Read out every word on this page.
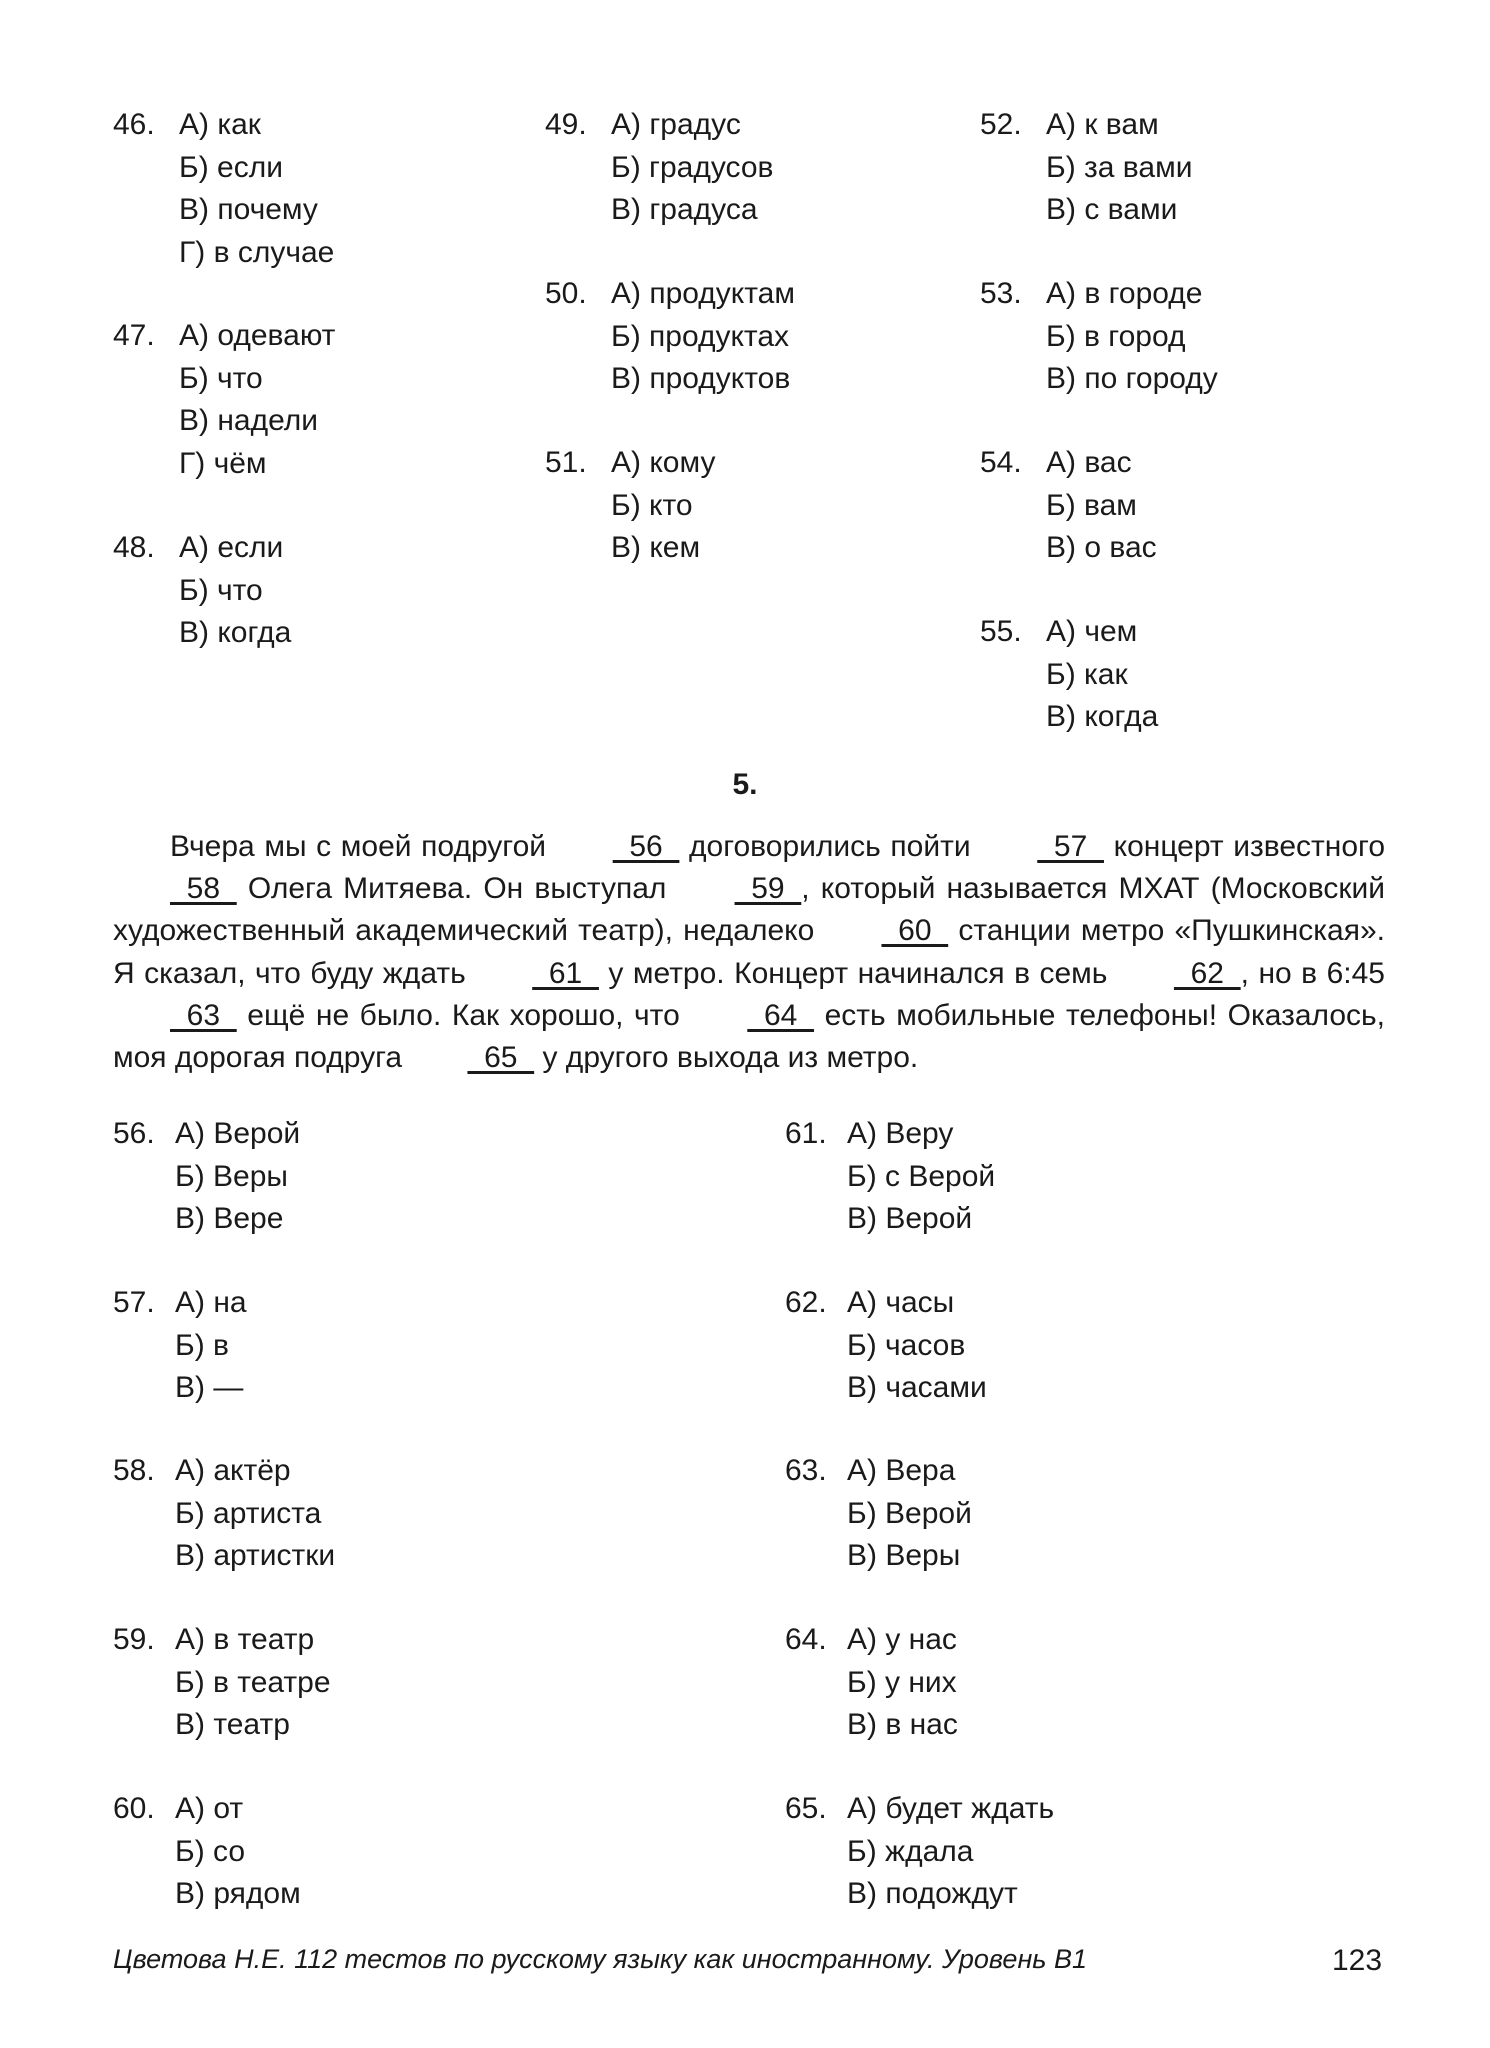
46. А) как
Б) если
В) почему
Г) в случае
47. А) одевают
Б) что
В) надели
Г) чём
48. А) если
Б) что
В) когда
49. А) градус
Б) градусов
В) градуса
50. А) продуктам
Б) продуктах
В) продуктов
51. А) кому
Б) кто
В) кем
52. А) к вам
Б) за вами
В) с вами
53. А) в городе
Б) в город
В) по городу
54. А) вас
Б) вам
В) о вас
55. А) чем
Б) как
В) когда
5.
Вчера мы с моей подругой   56   договорились пойти   57   концерт известного   58   Олега Митяева. Он выступал   59  , который называется МХАТ (Московский художественный академический театр), недалеко   60   станции метро «Пушкинская». Я сказал, что буду ждать   61   у метро. Концерт начинался в семь   62  , но в 6:45   63   ещё не было. Как хорошо, что   64   есть мобильные телефоны! Оказалось, моя дорогая подруга   65   у другого выхода из метро.
56. А) Верой
Б) Веры
В) Вере
57. А) на
Б) в
В) —
58. А) актёр
Б) артиста
В) артистки
59. А) в театр
Б) в театре
В) театр
60. А) от
Б) со
В) рядом
61. А) Веру
Б) с Верой
В) Верой
62. А) часы
Б) часов
В) часами
63. А) Вера
Б) Верой
В) Веры
64. А) у нас
Б) у них
В) в нас
65. А) будет ждать
Б) ждала
В) подождут
Цветова Н.Е. 112 тестов по русскому языку как иностранному. Уровень В1	123
